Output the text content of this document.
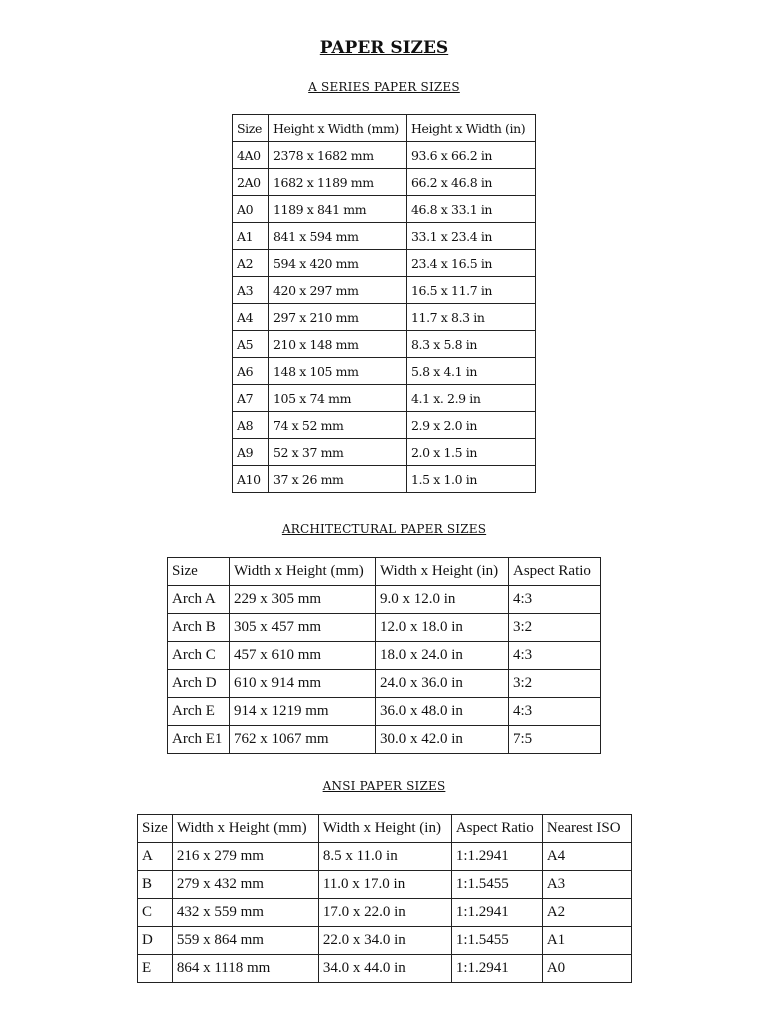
PAPER SIZES
A SERIES PAPER SIZES
Size	Height x Width (mm)	Height x Width (in)
4A0	2378 x 1682 mm	93.6 x 66.2 in
2A0	1682 x 1189 mm	66.2 x 46.8 in
A0	1189 x 841 mm	46.8 x 33.1 in
A1	841 x 594 mm	33.1 x 23.4 in
A2	594 x 420 mm	23.4 x 16.5 in
A3	420 x 297 mm	16.5 x 11.7 in
A4	297 x 210 mm	11.7 x 8.3 in
A5	210 x 148 mm	8.3 x 5.8 in
A6	148 x 105 mm	5.8 x 4.1 in
A7	105 x 74 mm	4.1 x. 2.9 in
A8	74 x 52 mm	2.9 x 2.0 in
A9	52 x 37 mm	2.0 x 1.5 in
A10	37 x 26 mm	1.5 x 1.0 in
ARCHITECTURAL PAPER SIZES
Size	Width x Height (mm)	Width x Height (in)	Aspect Ratio
Arch A	229 x 305 mm	9.0 x 12.0 in	4:3
Arch B	305 x 457 mm	12.0 x 18.0 in	3:2
Arch C	457 x 610 mm	18.0 x 24.0 in	4:3
Arch D	610 x 914 mm	24.0 x 36.0 in	3:2
Arch E	914 x 1219 mm	36.0 x 48.0 in	4:3
Arch E1	762 x 1067 mm	30.0 x 42.0 in	7:5
ANSI PAPER SIZES
Size	Width x Height (mm)	Width x Height (in)	Aspect Ratio	Nearest ISO
A	216 x 279 mm	8.5 x 11.0 in	1:1.2941	A4
B	279 x 432 mm	11.0 x 17.0 in	1:1.5455	A3
C	432 x 559 mm	17.0 x 22.0 in	1:1.2941	A2
D	559 x 864 mm	22.0 x 34.0 in	1:1.5455	A1
E	864 x 1118 mm	34.0 x 44.0 in	1:1.2941	A0
